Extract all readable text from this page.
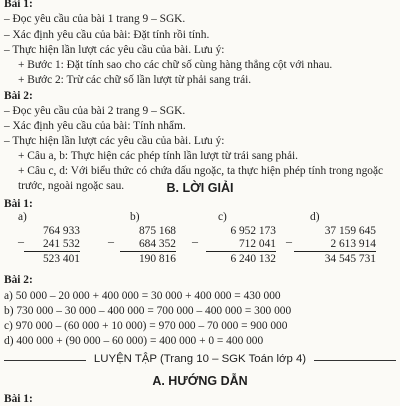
Bài 1:
– Đọc yêu cầu của bài 1 trang 9 – SGK.
– Xác định yêu cầu của bài: Đặt tính rồi tính.
– Thực hiện lần lượt các yêu cầu của bài. Lưu ý:
+ Bước 1: Đặt tính sao cho các chữ số cùng hàng thẳng cột với nhau.
+ Bước 2: Trừ các chữ số lần lượt từ phải sang trái.
Bài 2:
– Đọc yêu cầu của bài 2 trang 9 – SGK.
– Xác định yêu cầu của bài: Tính nhẩm.
– Thực hiện lần lượt các yêu cầu của bài. Lưu ý:
+ Câu a, b: Thực hiện các phép tính lần lượt từ trái sang phải.
+ Câu c, d: Với biểu thức có chứa dấu ngoặc, ta thực hiện phép tính trong ngoặc
trước, ngoài ngoặc sau.	B. LỜI GIẢI
Bài 1:
a)
–
764 933
241 532
523 401
b)
–
875 168
684 352
190 816
c)
–
6 952 173
712 041
6 240 132
d)
–
37 159 645
2 613 914
34 545 731
Bài 2:
a) 50 000 – 20 000 + 400 000 = 30 000 + 400 000 = 430 000
b) 730 000 – 30 000 – 400 000 = 700 000 – 400 000 = 300 000
c) 970 000 – (60 000 + 10 000) = 970 000 – 70 000 = 900 000
d) 400 000 + (90 000 – 60 000) = 400 000 + 0 = 400 000
LUYỆN TẬP (Trang 10 – SGK Toán lớp 4)
A. HƯỚNG DẪN
Bài 1:
